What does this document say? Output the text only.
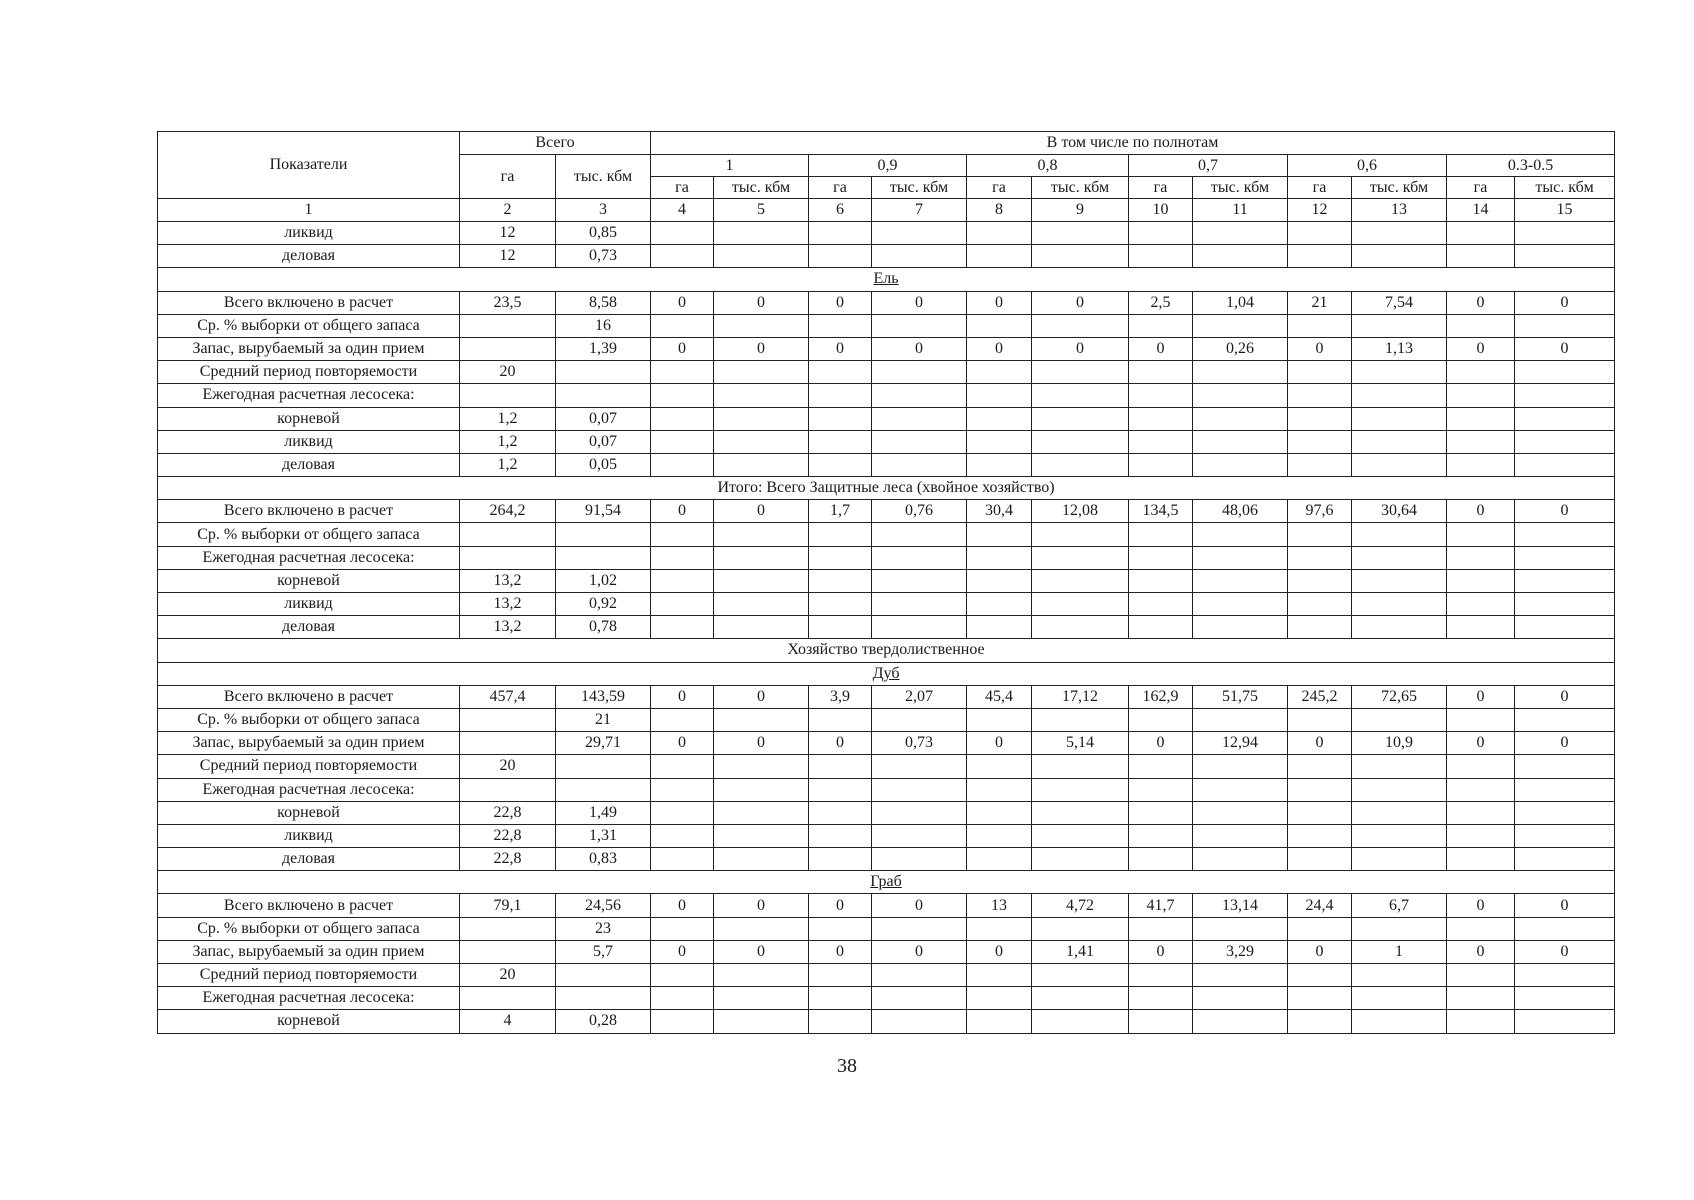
Показатели	Всего		В том числе по полнотам											
	га	тыс. кбм	1		0,9		0,8		0,7		0,6		0.3-0.5	
			га	тыс. кбм	га	тыс. кбм	га	тыс. кбм	га	тыс. кбм	га	тыс. кбм	га	тыс. кбм
1	2	3	4	5	6	7	8	9	10	11	12	13	14	15
ликвид	12	0,85												
деловая	12	0,73												
Ель														
Всего включено в расчет	23,5	8,58	0	0	0	0	0	0	2,5	1,04	21	7,54	0	0
Ср. % выборки от общего запаса		16												
Запас, вырубаемый за один прием		1,39	0	0	0	0	0	0	0	0,26	0	1,13	0	0
Средний период повторяемости	20													
Ежегодная расчетная лесосека:														
корневой	1,2	0,07												
ликвид	1,2	0,07												
деловая	1,2	0,05												
Итого: Всего Защитные леса (хвойное хозяйство)														
Всего включено в расчет	264,2	91,54	0	0	1,7	0,76	30,4	12,08	134,5	48,06	97,6	30,64	0	0
Ср. % выборки от общего запаса														
Ежегодная расчетная лесосека:														
корневой	13,2	1,02												
ликвид	13,2	0,92												
деловая	13,2	0,78												
Хозяйство твердолиственное														
Дуб														
Всего включено в расчет	457,4	143,59	0	0	3,9	2,07	45,4	17,12	162,9	51,75	245,2	72,65	0	0
Ср. % выборки от общего запаса		21												
Запас, вырубаемый за один прием		29,71	0	0	0	0,73	0	5,14	0	12,94	0	10,9	0	0
Средний период повторяемости	20													
Ежегодная расчетная лесосека:														
корневой	22,8	1,49												
ликвид	22,8	1,31												
деловая	22,8	0,83												
Граб														
Всего включено в расчет	79,1	24,56	0	0	0	0	13	4,72	41,7	13,14	24,4	6,7	0	0
Ср. % выборки от общего запаса		23												
Запас, вырубаемый за один прием		5,7	0	0	0	0	0	1,41	0	3,29	0	1	0	0
Средний период повторяемости	20													
Ежегодная расчетная лесосека:														
корневой	4	0,28												
38
